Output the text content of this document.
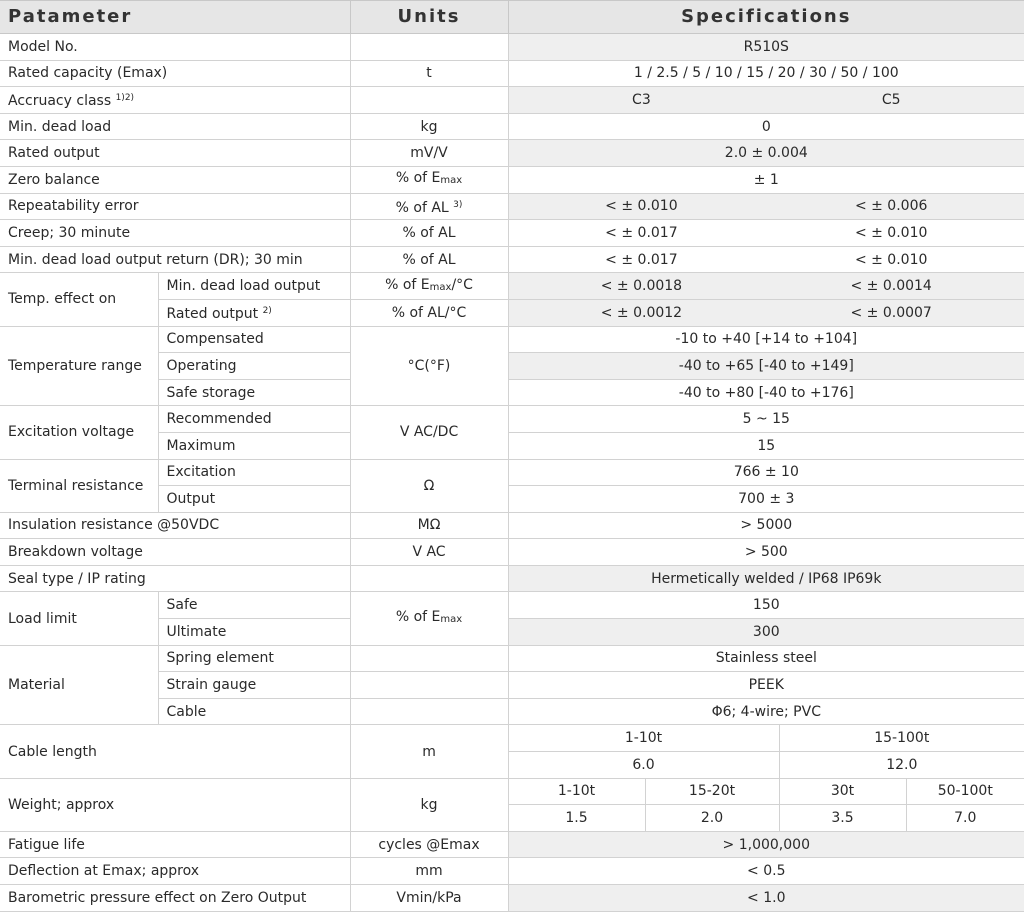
Patameter		Units	Specifications			
Model No.			R510S			
Rated capacity (Emax)		t	1 / 2.5 / 5 / 10 / 15 / 20 / 30 / 50 / 100			
Accruacy class $^{1)2)}$			C3 C5			

Min. dead load		kg	0			
Rated output		mV/V	2.0 ± 0.004			
Zero balance		% of $E_{max}$	± 1			
Repeatability error		% of AL $^{3)}$	< ± 0.010 < ± 0.006			

Creep; 30 minute		% of AL	< ± 0.017 < ± 0.010			

Min. dead load output return (DR); 30 min		% of AL	< ± 0.017 < ± 0.010			

Temp. effect on	Min. dead load output	% of $E_{max}/^\circ C$	< ± 0.0018 < ± 0.0014			

	Rated output $^{2)}$	% of AL/°C	< ± 0.0012 < ± 0.0007			

Temperature range	Compensated	°C(°F)	-10 to +40 [+14 to +104]			
	Operating		-40 to +65 [-40 to +149]			
	Safe storage		-40 to +80 [-40 to +176]			
Excitation voltage	Recommended	V AC/DC	5 ~ 15			
	Maximum		15			
Terminal resistance	Excitation	Ω	766 ± 10			
	Output		700 ± 3			
Insulation resistance @50VDC		MΩ	> 5000			
Breakdown voltage		V AC	> 500			
Seal type / IP rating			Hermetically welded / IP68 IP69k			
Load limit	Safe	% of $E_{max}$	150			
	Ultimate		300			
Material	Spring element		Stainless steel			
	Strain gauge		PEEK			
	Cable		Φ6; 4-wire; PVC			
Cable length		m	1-10t		15-100t	
			6.0		12.0	
Weight; approx		kg	1-10t	15-20t	30t	50-100t
			1.5	2.0	3.5	7.0
Fatigue life		cycles @Emax	> 1,000,000			
Deflection at Emax; approx		mm	< 0.5			
Barometric pressure effect on Zero Output		Vmin/kPa	< 1.0			
